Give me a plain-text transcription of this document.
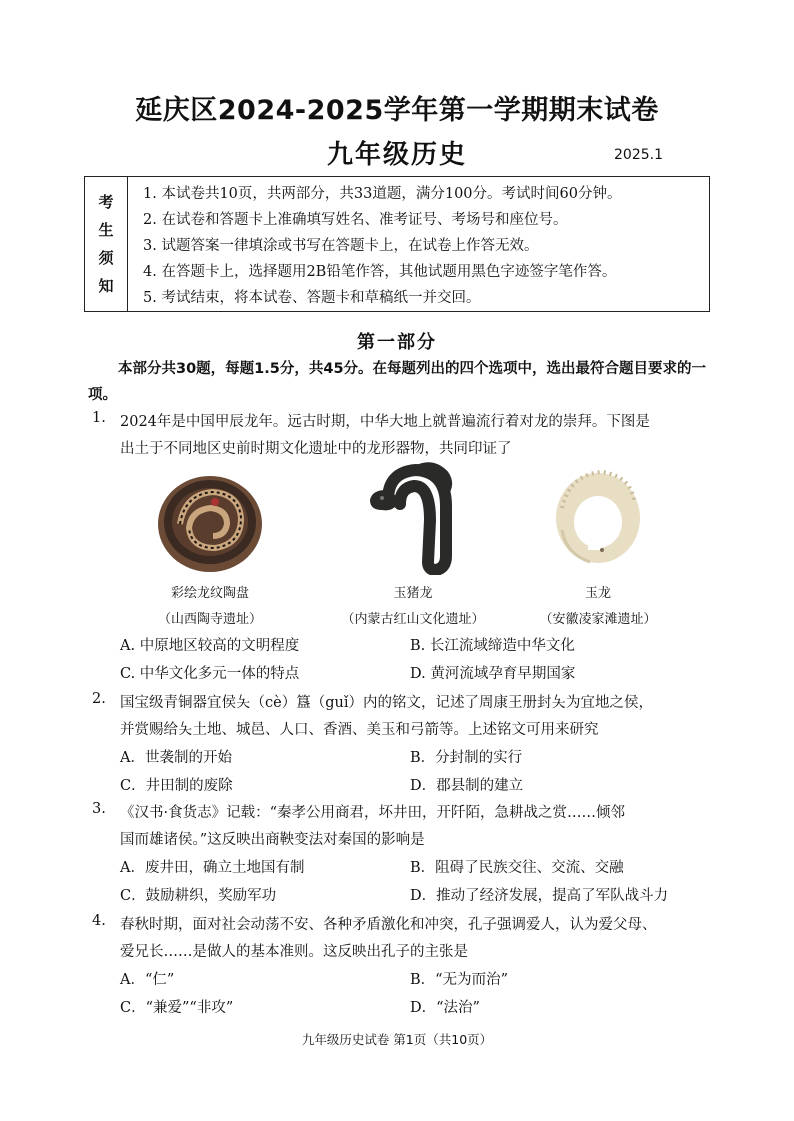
延庆区2024-2025学年第一学期期末试卷
九年级历史	2025.1
考
生
须
知
1. 本试卷共10页，共两部分，共33道题，满分100分。考试时间60分钟。
2. 在试卷和答题卡上准确填写姓名、准考证号、考场号和座位号。
3. 试题答案一律填涂或书写在答题卡上，在试卷上作答无效。
4. 在答题卡上，选择题用2B铅笔作答，其他试题用黑色字迹签字笔作答。
5. 考试结束，将本试卷、答题卡和草稿纸一并交回。
第一部分
本部分共30题，每题1.5分，共45分。在每题列出的四个选项中，选出最符合题目要求的一项。
1. 2024年是中国甲辰龙年。远古时期，中华大地上就普遍流行着对龙的崇拜。下图是
出土于不同地区史前时期文化遗址中的龙形器物，共同印证了
彩绘龙纹陶盘	玉猪龙	玉龙
（山西陶寺遗址）	（内蒙古红山文化遗址）	（安徽凌家滩遗址）
A. 中原地区较高的文明程度	B. 长江流域缔造中华文化
C. 中华文化多元一体的特点	D. 黄河流域孕育早期国家
2. 国宝级青铜器宜侯夨（cè）簋（guǐ）内的铭文，记述了周康王册封夨为宜地之侯，
并赏赐给夨土地、城邑、人口、香酒、美玉和弓箭等。上述铭文可用来研究
A．世袭制的开始	B．分封制的实行
C．井田制的废除	D．郡县制的建立
3. 《汉书·食货志》记载：“秦孝公用商君，坏井田，开阡陌，急耕战之赏……倾邻
国而雄诸侯。”这反映出商鞅变法对秦国的影响是
A．废井田，确立土地国有制	B．阻碍了民族交往、交流、交融
C．鼓励耕织，奖励军功	D．推动了经济发展，提高了军队战斗力
4. 春秋时期，面对社会动荡不安、各种矛盾激化和冲突，孔子强调爱人，认为爱父母、
爱兄长……是做人的基本准则。这反映出孔子的主张是
A．“仁”	B．“无为而治”
C．“兼爱”“非攻”	D．“法治”
九年级历史试卷 第1页（共10页）
